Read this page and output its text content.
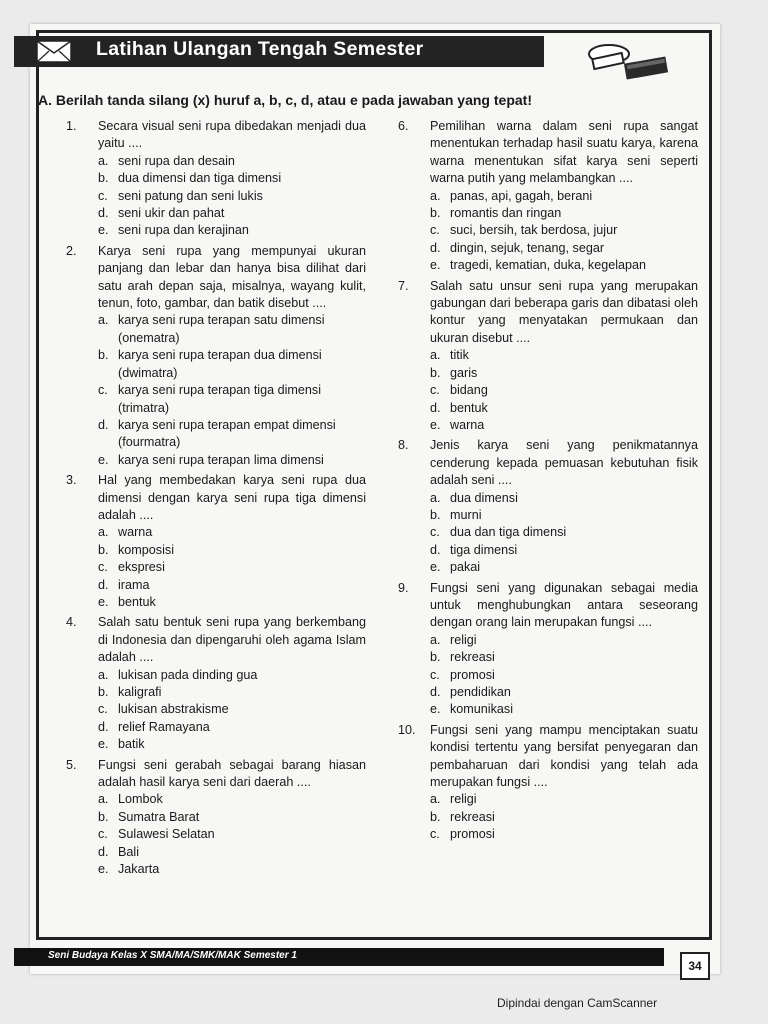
Latihan Ulangan Tengah Semester
A. Berilah tanda silang (x) huruf a, b, c, d, atau e pada jawaban yang tepat!
1. Secara visual seni rupa dibedakan menjadi dua yaitu ....
a. seni rupa dan desain
b. dua dimensi dan tiga dimensi
c. seni patung dan seni lukis
d. seni ukir dan pahat
e. seni rupa dan kerajinan
2. Karya seni rupa yang mempunyai ukuran panjang dan lebar dan hanya bisa dilihat dari satu arah depan saja, misalnya, wayang kulit, tenun, foto, gambar, dan batik disebut ....
a. karya seni rupa terapan satu dimensi (onematra)
b. karya seni rupa terapan dua dimensi (dwimatra)
c. karya seni rupa terapan tiga dimensi (trimatra)
d. karya seni rupa terapan empat dimensi (fourmatra)
e. karya seni rupa terapan lima dimensi
3. Hal yang membedakan karya seni rupa dua dimensi dengan karya seni rupa tiga dimensi adalah ....
a. warna
b. komposisi
c. ekspresi
d. irama
e. bentuk
4. Salah satu bentuk seni rupa yang berkembang di Indonesia dan dipengaruhi oleh agama Islam adalah ....
a. lukisan pada dinding gua
b. kaligrafi
c. lukisan abstrakisme
d. relief Ramayana
e. batik
5. Fungsi seni gerabah sebagai barang hiasan adalah hasil karya seni dari daerah ....
a. Lombok
b. Sumatra Barat
c. Sulawesi Selatan
d. Bali
e. Jakarta
6. Pemilihan warna dalam seni rupa sangat menentukan terhadap hasil suatu karya, karena warna menentukan sifat karya seni seperti warna putih yang melambangkan ....
a. panas, api, gagah, berani
b. romantis dan ringan
c. suci, bersih, tak berdosa, jujur
d. dingin, sejuk, tenang, segar
e. tragedi, kematian, duka, kegelapan
7. Salah satu unsur seni rupa yang merupakan gabungan dari beberapa garis dan dibatasi oleh kontur yang menyatakan permukaan dan ukuran disebut ....
a. titik
b. garis
c. bidang
d. bentuk
e. warna
8. Jenis karya seni yang penikmatannya cenderung kepada pemuasan kebutuhan fisik adalah seni ....
a. dua dimensi
b. murni
c. dua dan tiga dimensi
d. tiga dimensi
e. pakai
9. Fungsi seni yang digunakan sebagai media untuk menghubungkan antara seseorang dengan orang lain merupakan fungsi ....
a. religi
b. rekreasi
c. promosi
d. pendidikan
e. komunikasi
10. Fungsi seni yang mampu menciptakan suatu kondisi tertentu yang bersifat penyegaran dan pembaharuan dari kondisi yang telah ada merupakan fungsi ....
a. religi
b. rekreasi
c. promosi
Seni Budaya Kelas X SMA/MA/SMK/MAK Semester 1
34
Dipindai dengan CamScanner
